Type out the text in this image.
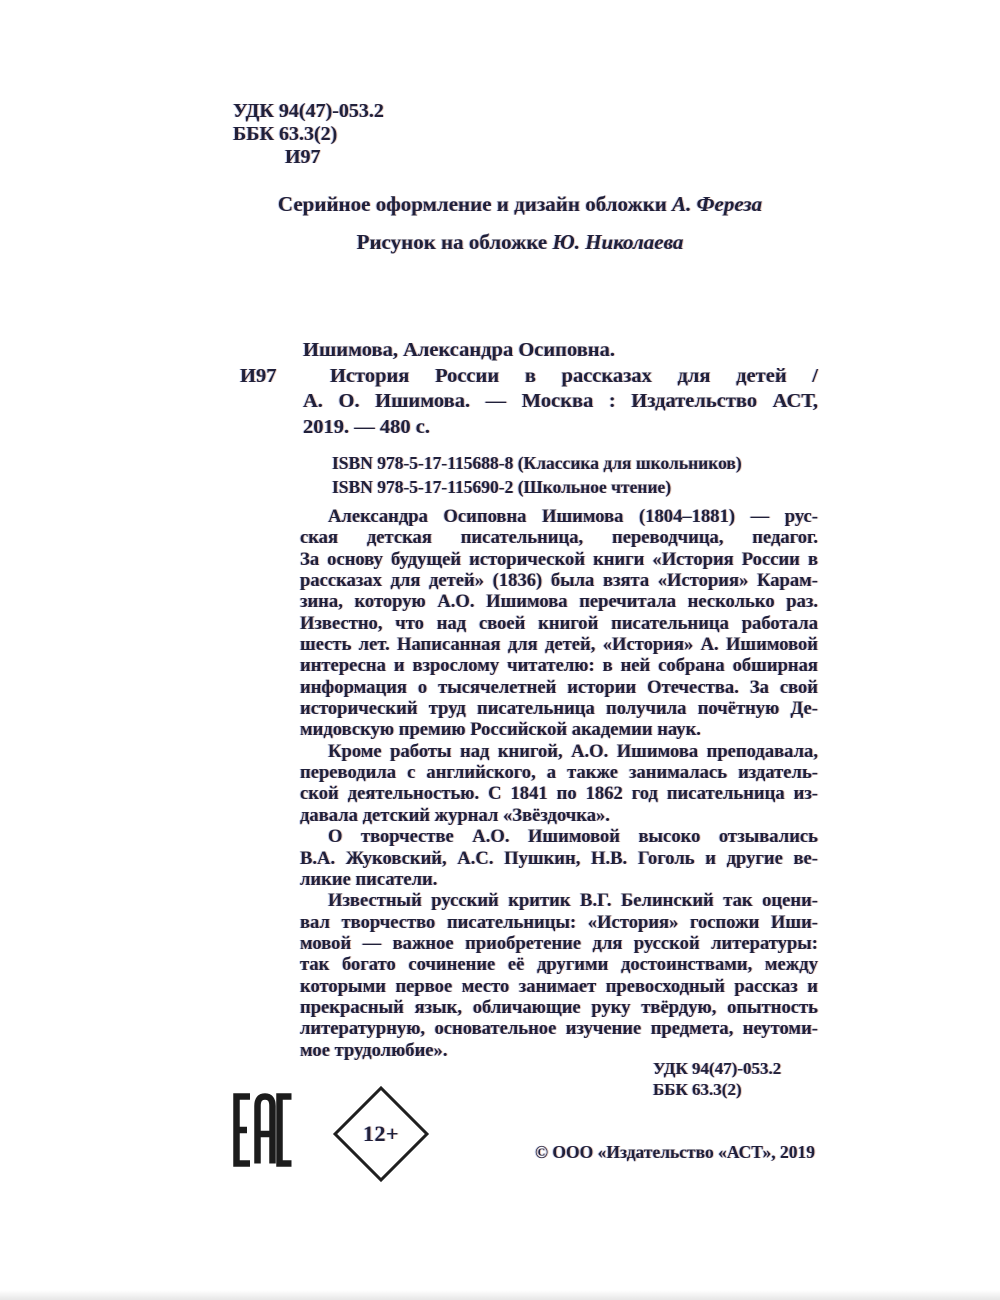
УДК 94(47)-053.2
ББК 63.3(2)
И97
Серийное оформление и дизайн обложки А. Фереза
Рисунок на обложке Ю. Николаева
И97
Ишимова, Александра Осиповна.
История России в рассказах для детей /
А. О. Ишимова. — Москва : Издательство АСТ,
2019. — 480 с.
ISBN 978-5-17-115688-8 (Классика для школьников)
ISBN 978-5-17-115690-2 (Школьное чтение)
Александра Осиповна Ишимова (1804–1881) — рус-
ская детская писательница, переводчица, педагог.
За основу будущей исторической книги «История России в
рассказах для детей» (1836) была взята «История» Карам-
зина, которую А.О. Ишимова перечитала несколько раз.
Известно, что над своей книгой писательница работала
шесть лет. Написанная для детей, «История» А. Ишимовой
интересна и взрослому читателю: в ней собрана обширная
информация о тысячелетней истории Отечества. За свой
исторический труд писательница получила почётную Де-
мидовскую премию Российской академии наук.
Кроме работы над книгой, А.О. Ишимова преподавала,
переводила с английского, а также занималась издатель-
ской деятельностью. С 1841 по 1862 год писательница из-
давала детский журнал «Звёздочка».
О творчестве А.О. Ишимовой высоко отзывались
В.А. Жуковский, А.С. Пушкин, Н.В. Гоголь и другие ве-
ликие писатели.
Известный русский критик В.Г. Белинский так оцени-
вал творчество писательницы: «История» госпожи Иши-
мовой — важное приобретение для русской литературы:
так богато сочинение её другими достоинствами, между
которыми первое место занимает превосходный рассказ и
прекрасный язык, обличающие руку твёрдую, опытность
литературную, основательное изучение предмета, неутоми-
мое трудолюбие».
УДК 94(47)-053.2
ББК 63.3(2)
12+
© ООО «Издательство «АСТ», 2019
